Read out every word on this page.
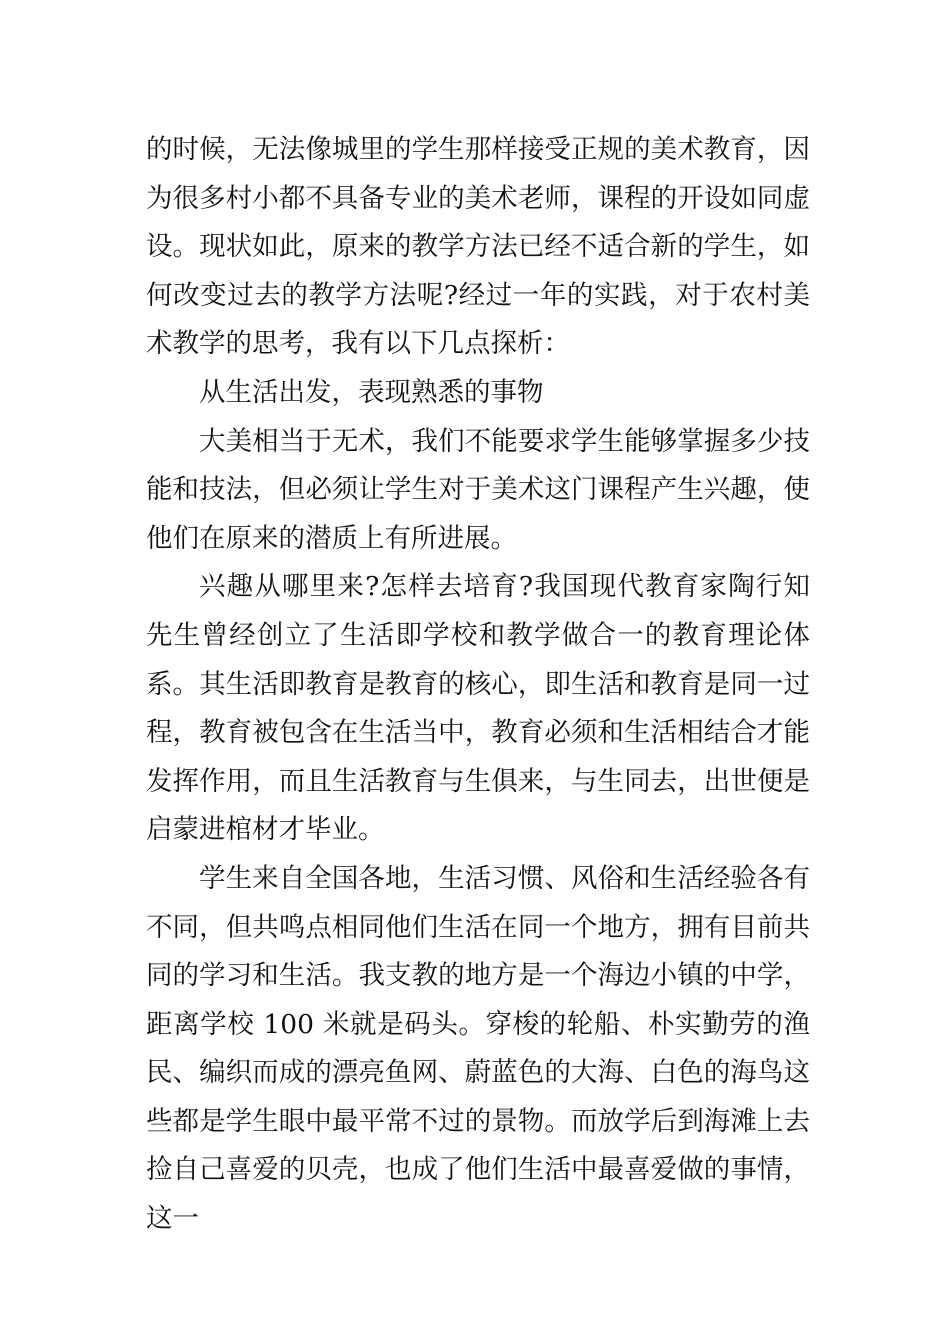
的时候，无法像城里的学生那样接受正规的美术教育，因为很多村小都不具备专业的美术老师，课程的开设如同虚设。现状如此，原来的教学方法已经不适合新的学生，如何改变过去的教学方法呢?经过一年的实践，对于农村美术教学的思考，我有以下几点探析：

从生活出发，表现熟悉的事物

大美相当于无术，我们不能要求学生能够掌握多少技能和技法，但必须让学生对于美术这门课程产生兴趣，使他们在原来的潜质上有所进展。

兴趣从哪里来?怎样去培育?我国现代教育家陶行知先生曾经创立了生活即学校和教学做合一的教育理论体系。其生活即教育是教育的核心，即生活和教育是同一过程，教育被包含在生活当中，教育必须和生活相结合才能发挥作用，而且生活教育与生俱来，与生同去，出世便是启蒙进棺材才毕业。

学生来自全国各地，生活习惯、风俗和生活经验各有不同，但共鸣点相同他们生活在同一个地方，拥有目前共同的学习和生活。我支教的地方是一个海边小镇的中学，距离学校 100 米就是码头。穿梭的轮船、朴实勤劳的渔民、编织而成的漂亮鱼网、蔚蓝色的大海、白色的海鸟这些都是学生眼中最平常不过的景物。而放学后到海滩上去捡自己喜爱的贝壳，也成了他们生活中最喜爱做的事情，这一
